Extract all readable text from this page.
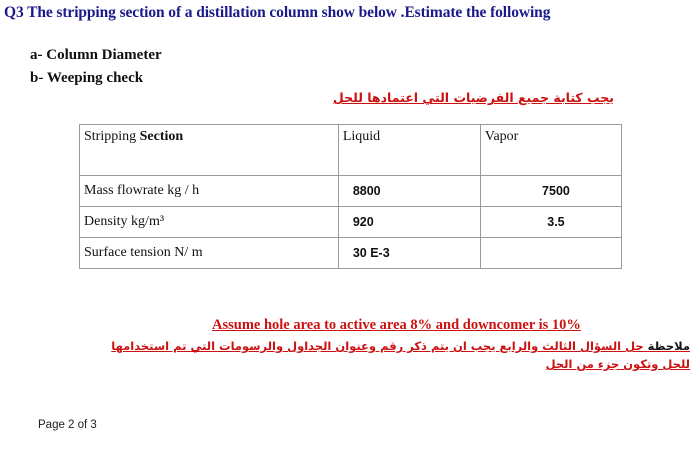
Q3 The stripping section of a distillation column show below .Estimate the following
a- Column Diameter
b- Weeping check
يجب كتابة جميع الفرضيات التي اعتمادها للحل
Stripping Section	Liquid	Vapor
Mass flowrate kg / h	8800	7500
Density kg/m³	920	3.5
Surface tension N/ m	30 E-3	
Assume hole area to active area 8% and downcomer is 10%
ملاحظة حل السؤال الثالث والرابع يجب ان يتم ذكر رقم وعنوان الجداول والرسومات التي تم استخدامها
للحل وتكون جزء من الحل
Page 2 of 3
